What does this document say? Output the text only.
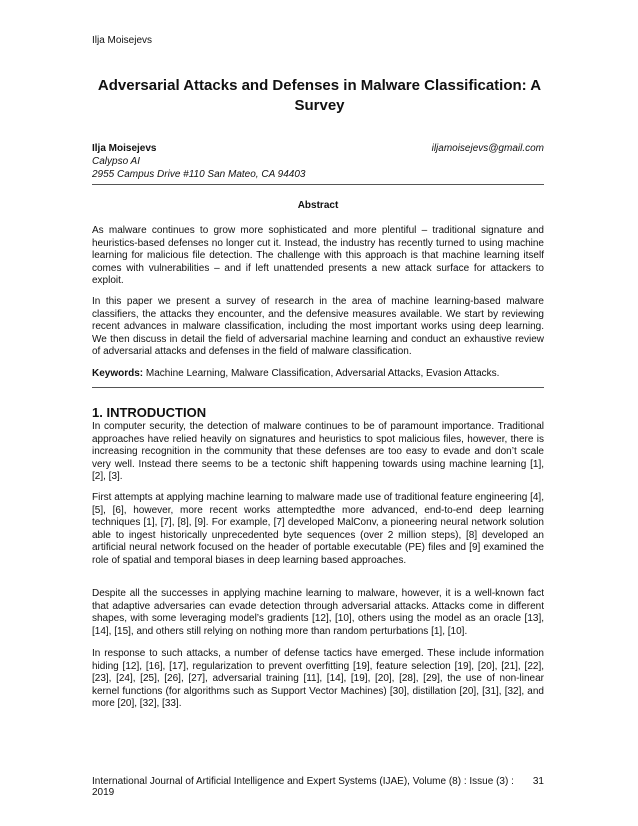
Ilja Moisejevs
Adversarial Attacks and Defenses in Malware Classification: A Survey
Ilja Moisejevs	iljamoisejevs@gmail.com
Calypso AI
2955 Campus Drive #110 San Mateo, CA 94403
Abstract

As malware continues to grow more sophisticated and more plentiful – traditional signature and heuristics-based defenses no longer cut it. Instead, the industry has recently turned to using machine learning for malicious file detection. The challenge with this approach is that machine learning itself comes with vulnerabilities – and if left unattended presents a new attack surface for attackers to exploit.

In this paper we present a survey of research in the area of machine learning-based malware classifiers, the attacks they encounter, and the defensive measures available. We start by reviewing recent advances in malware classification, including the most important works using deep learning. We then discuss in detail the field of adversarial machine learning and conduct an exhaustive review of adversarial attacks and defenses in the field of malware classification.

Keywords: Machine Learning, Malware Classification, Adversarial Attacks, Evasion Attacks.

1. INTRODUCTION

In computer security, the detection of malware continues to be of paramount importance. Traditional approaches have relied heavily on signatures and heuristics to spot malicious files, however, there is increasing recognition in the community that these defenses are too easy to evade and don’t scale very well. Instead there seems to be a tectonic shift happening towards using machine learning [1], [2], [3].

First attempts at applying machine learning to malware made use of traditional feature engineering [4], [5], [6], however, more recent works attemptedthe more advanced, end-to-end deep learning techniques [1], [7], [8], [9]. For example, [7] developed MalConv, a pioneering neural network solution able to ingest historically unprecedented byte sequences (over 2 million steps), [8] developed an artificial neural network focused on the header of portable executable (PE) files and [9] examined the role of spatial and temporal biases in deep learning based approaches.

Despite all the successes in applying machine learning to malware, however, it is a well-known fact that adaptive adversaries can evade detection through adversarial attacks. Attacks come in different shapes, with some leveraging model’s gradients [12], [10], others using the model as an oracle [13], [14], [15], and others still relying on nothing more than random perturbations [1], [10].

In response to such attacks, a number of defense tactics have emerged. These include information hiding [12], [16], [17], regularization to prevent overfitting [19], feature selection [19], [20], [21], [22], [23], [24], [25], [26], [27], adversarial training [11], [14], [19], [20], [28], [29], the use of non-linear kernel functions (for algorithms such as Support Vector Machines) [30], distillation [20], [31], [32], and more [20], [32], [33].

International Journal of Artificial Intelligence and Expert Systems (IJAE), Volume (8) : Issue (3) : 2019
31
